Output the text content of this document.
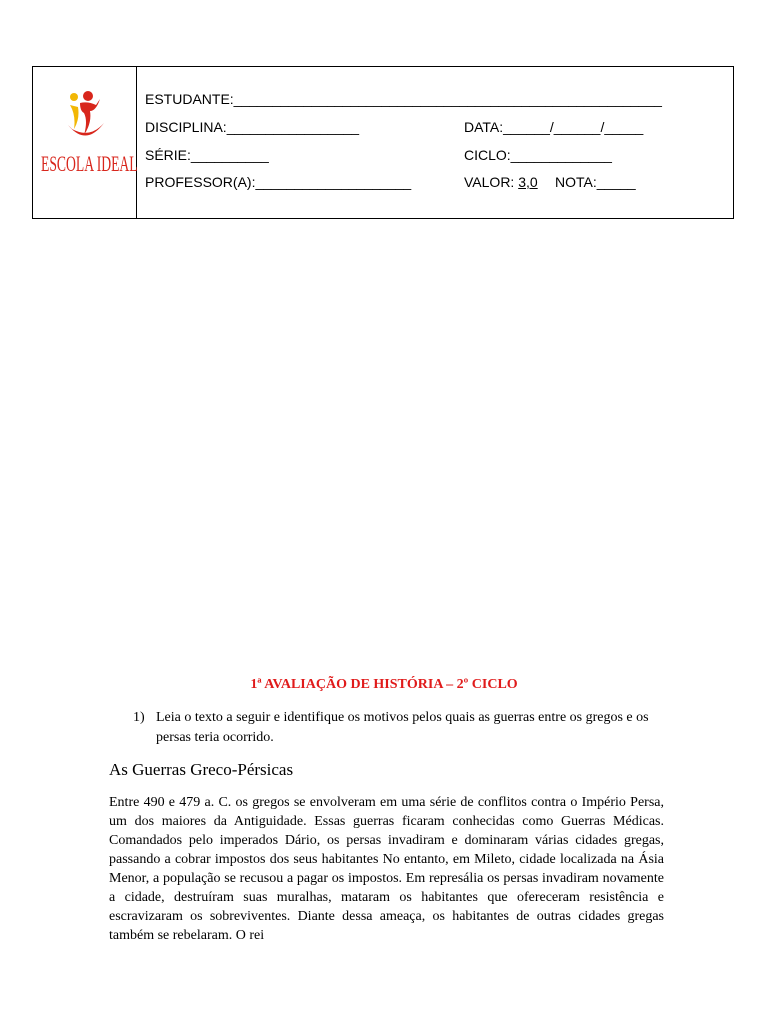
ESCOLA IDEAL
ESTUDANTE:_______________________________________________________
DISCIPLINA:_________________	DATA:______/______/_____
SÉRIE:__________	CICLO:_____________
PROFESSOR(A):____________________	VALOR: 3,0 NOTA:_____
1ª AVALIAÇÃO DE HISTÓRIA – 2º CICLO
1) Leia o texto a seguir e identifique os motivos pelos quais as guerras entre os gregos e os persas teria ocorrido.
As Guerras Greco-Pérsicas
Entre 490 e 479 a. C. os gregos se envolveram em uma série de conflitos contra o Império Persa, um dos maiores da Antiguidade. Essas guerras ficaram conhecidas como Guerras Médicas. Comandados pelo imperados Dário, os persas invadiram e dominaram várias cidades gregas, passando a cobrar impostos dos seus habitantes No entanto, em Mileto, cidade localizada na Ásia Menor, a população se recusou a pagar os impostos. Em represália os persas invadiram novamente a cidade, destruíram suas muralhas, mataram os habitantes que ofereceram resistência e escravizaram os sobreviventes. Diante dessa ameaça, os habitantes de outras cidades gregas também se rebelaram. O rei
